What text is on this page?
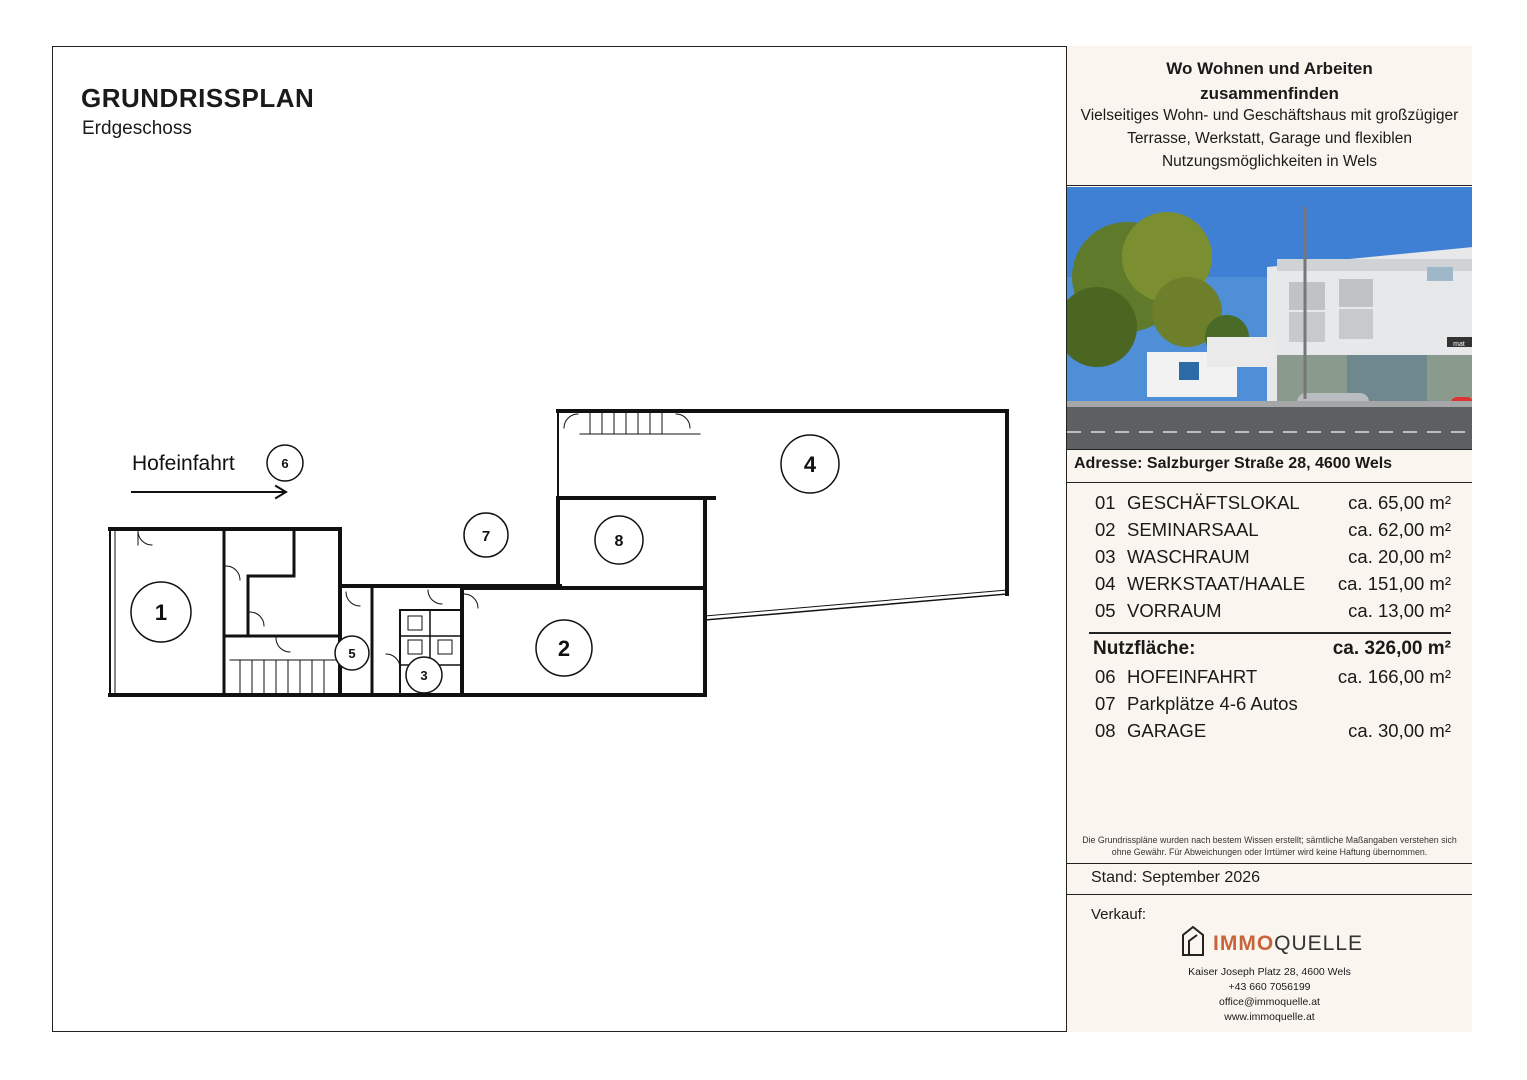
GRUNDRISSPLAN
Erdgeschoss
1
2
3
4
5
6
7	8
Hofeinfahrt
Wo Wohnen und Arbeiten zusammenfinden
Vielseitiges Wohn- und Geschäftshaus mit großzügiger Terrasse, Werkstatt, Garage und flexiblen Nutzungsmöglichkeiten in Wels
mat
Adresse: Salzburger Straße 28, 4600 Wels
01 GESCHÄFTSLOKAL	ca. 65,00 m²
02 SEMINARSAAL	ca. 62,00 m²
03 WASCHRAUM	ca. 20,00 m²
04 WERKSTAAT/HAALE ca. 151,00 m²
05 VORRAUM	ca. 13,00 m²
Nutzfläche:	ca. 326,00 m²
06 HOFEINFAHRT	ca. 166,00 m²
07 Parkplätze 4-6 Autos
08 GARAGE	ca. 30,00 m²
Die Grundrisspläne wurden nach bestem Wissen erstellt; sämtliche Maßangaben verstehen sich ohne Gewähr. Für Abweichungen oder Irrtümer wird keine Haftung übernommen.
Stand: September 2026
Verkauf:
IMMOQUELLE
Kaiser Joseph Platz 28, 4600 Wels
+43 660 7056199
office@immoquelle.at
www.immoquelle.at
